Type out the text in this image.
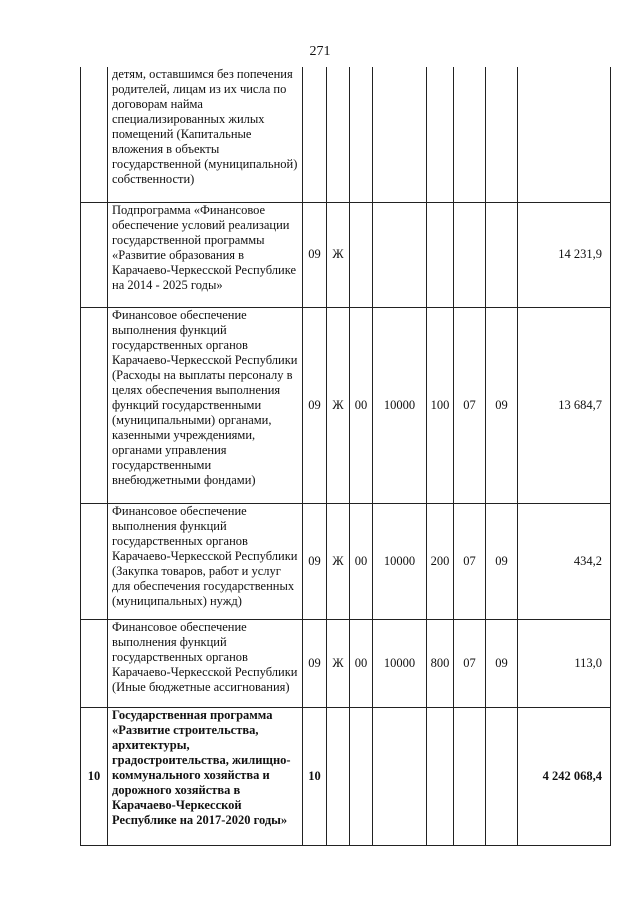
271
	детям, оставшимся без попечения родителей, лицам из их числа по договорам найма специализированных жилых помещений (Капитальные вложения в объекты государственной (муниципальной) собственности)								
	Подпрограмма «Финансовое обеспечение условий реализации государственной программы «Развитие образования в Карачаево-Черкесской Республике на 2014 - 2025 годы»	09	Ж						14 231,9
	Финансовое обеспечение выполнения функций государственных органов Карачаево-Черкесской Республики (Расходы на выплаты персоналу в целях обеспечения выполнения функций государственными (муниципальными) органами, казенными учреждениями, органами управления государственными внебюджетными фондами)	09	Ж	00	10000	100	07	09	13 684,7
	Финансовое обеспечение выполнения функций государственных органов Карачаево-Черкесской Республики (Закупка товаров, работ и услуг для обеспечения государственных (муниципальных) нужд)	09	Ж	00	10000	200	07	09	434,2
	Финансовое обеспечение выполнения функций государственных органов Карачаево-Черкесской Республики (Иные бюджетные ассигнования)	09	Ж	00	10000	800	07	09	113,0
10	Государственная программа «Развитие строительства, архитектуры, градостроительства, жилищно-коммунального хозяйства и дорожного хозяйства в Карачаево-Черкесской Республике на 2017-2020 годы»	10							4 242 068,4
